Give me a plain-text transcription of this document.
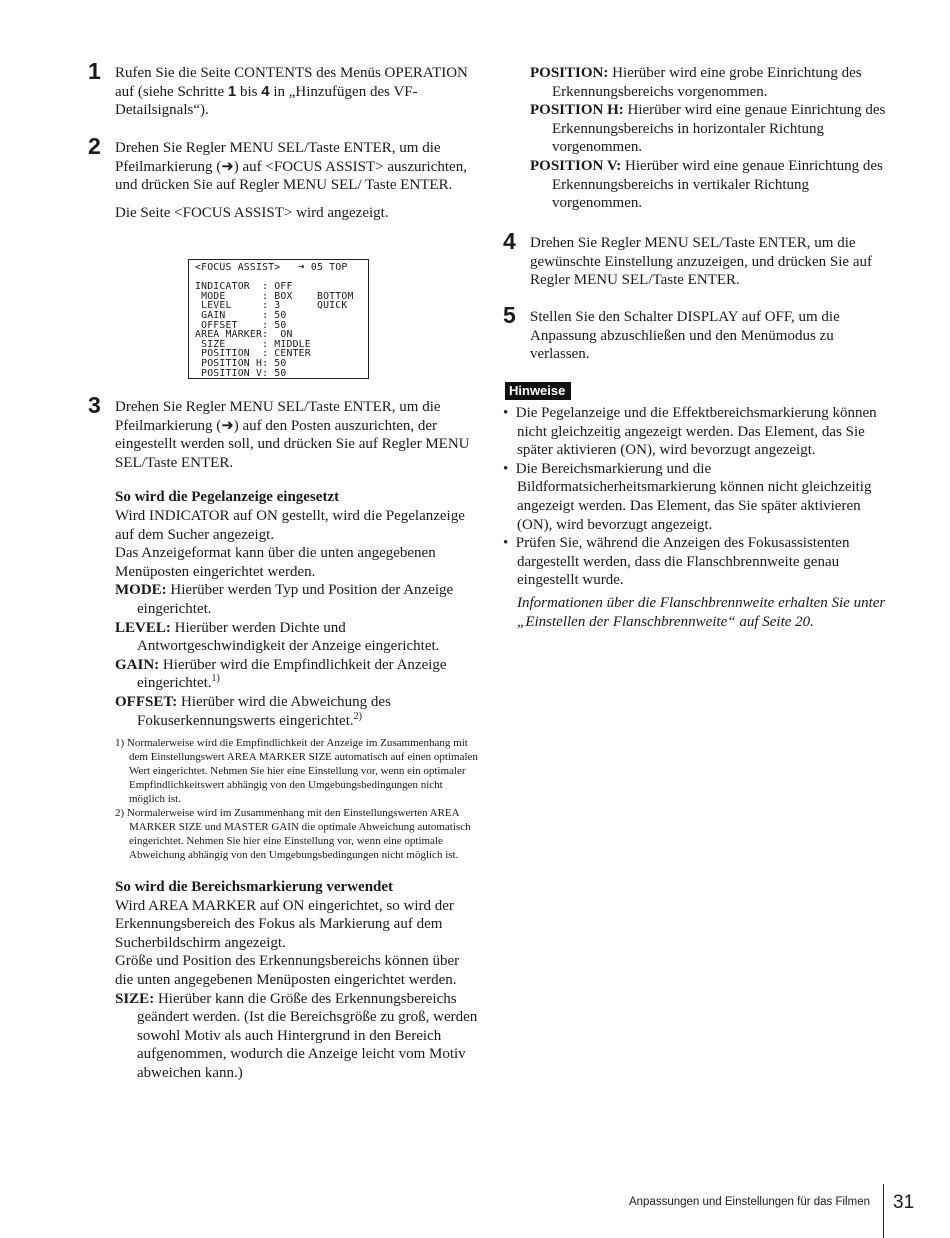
1 Rufen Sie die Seite CONTENTS des Menüs OPERATION auf (siehe Schritte 1 bis 4 in „Hinzufügen des VF-Detailsignals“).

2 Drehen Sie Regler MENU SEL/Taste ENTER, um die Pfeilmarkierung (➜) auf <FOCUS ASSIST> auszurichten, und drücken Sie auf Regler MENU SEL/ Taste ENTER.

Die Seite <FOCUS ASSIST> wird angezeigt.

<FOCUS ASSIST>   ➜ 05 TOP
INDICATOR  : OFF
MODE      : BOX    BOTTOM
LEVEL     : 3      QUICK
GAIN      : 50
OFFSET    : 50
AREA MARKER:  ON
SIZE      : MIDDLE
POSITION  : CENTER
POSITION H: 50
POSITION V: 50
3 Drehen Sie Regler MENU SEL/Taste ENTER, um die Pfeilmarkierung (➜) auf den Posten auszurichten, der eingestellt werden soll, und drücken Sie auf Regler MENU SEL/Taste ENTER.

So wird die Pegelanzeige eingesetzt

Wird INDICATOR auf ON gestellt, wird die Pegelanzeige auf dem Sucher angezeigt.

Das Anzeigeformat kann über die unten angegebenen Menüposten eingerichtet werden.

MODE: Hierüber werden Typ und Position der Anzeige eingerichtet.

LEVEL: Hierüber werden Dichte und Antwortgeschwindigkeit der Anzeige eingerichtet.

GAIN: Hierüber wird die Empfindlichkeit der Anzeige eingerichtet.$^{1)}$

OFFSET: Hierüber wird die Abweichung des Fokuserkennungswerts eingerichtet.$^{2)}$

1) Normalerweise wird die Empfindlichkeit der Anzeige im Zusammenhang mit dem Einstellungswert AREA MARKER SIZE automatisch auf einen optimalen Wert eingerichtet. Nehmen Sie hier eine Einstellung vor, wenn ein optimaler Empfindlichkeitswert abhängig von den Umgebungsbedingungen nicht möglich ist.

2) Normalerweise wird im Zusammenhang mit den Einstellungswerten AREA MARKER SIZE und MASTER GAIN die optimale Abweichung automatisch eingerichtet. Nehmen Sie hier eine Einstellung vor, wenn eine optimale Abweichung abhängig von den Umgebungsbedingungen nicht möglich ist.

So wird die Bereichsmarkierung verwendet

Wird AREA MARKER auf ON eingerichtet, so wird der Erkennungsbereich des Fokus als Markierung auf dem Sucherbildschirm angezeigt.

Größe und Position des Erkennungsbereichs können über die unten angegebenen Menüposten eingerichtet werden.

SIZE: Hierüber kann die Größe des Erkennungsbereichs geändert werden. (Ist die Bereichsgröße zu groß, werden sowohl Motiv als auch Hintergrund in den Bereich aufgenommen, wodurch die Anzeige leicht vom Motiv abweichen kann.)

POSITION: Hierüber wird eine grobe Einrichtung des Erkennungsbereichs vorgenommen.

POSITION H: Hierüber wird eine genaue Einrichtung des Erkennungsbereichs in horizontaler Richtung vorgenommen.

POSITION V: Hierüber wird eine genaue Einrichtung des Erkennungsbereichs in vertikaler Richtung vorgenommen.

4 Drehen Sie Regler MENU SEL/Taste ENTER, um die gewünschte Einstellung anzuzeigen, und drücken Sie auf Regler MENU SEL/Taste ENTER.

5 Stellen Sie den Schalter DISPLAY auf OFF, um die Anpassung abzuschließen und den Menümodus zu verlassen.

Hinweise

• Die Pegelanzeige und die Effektbereichsmarkierung können nicht gleichzeitig angezeigt werden. Das Element, das Sie später aktivieren (ON), wird bevorzugt angezeigt.

• Die Bereichsmarkierung und die Bildformatsicherheitsmarkierung können nicht gleichzeitig angezeigt werden. Das Element, das Sie später aktivieren (ON), wird bevorzugt angezeigt.

• Prüfen Sie, während die Anzeigen des Fokusassistenten dargestellt werden, dass die Flanschbrennweite genau eingestellt wurde.

Informationen über die Flanschbrennweite erhalten Sie unter „Einstellen der Flanschbrennweite“ auf Seite 20.

Anpassungen und Einstellungen für das Filmen 31
